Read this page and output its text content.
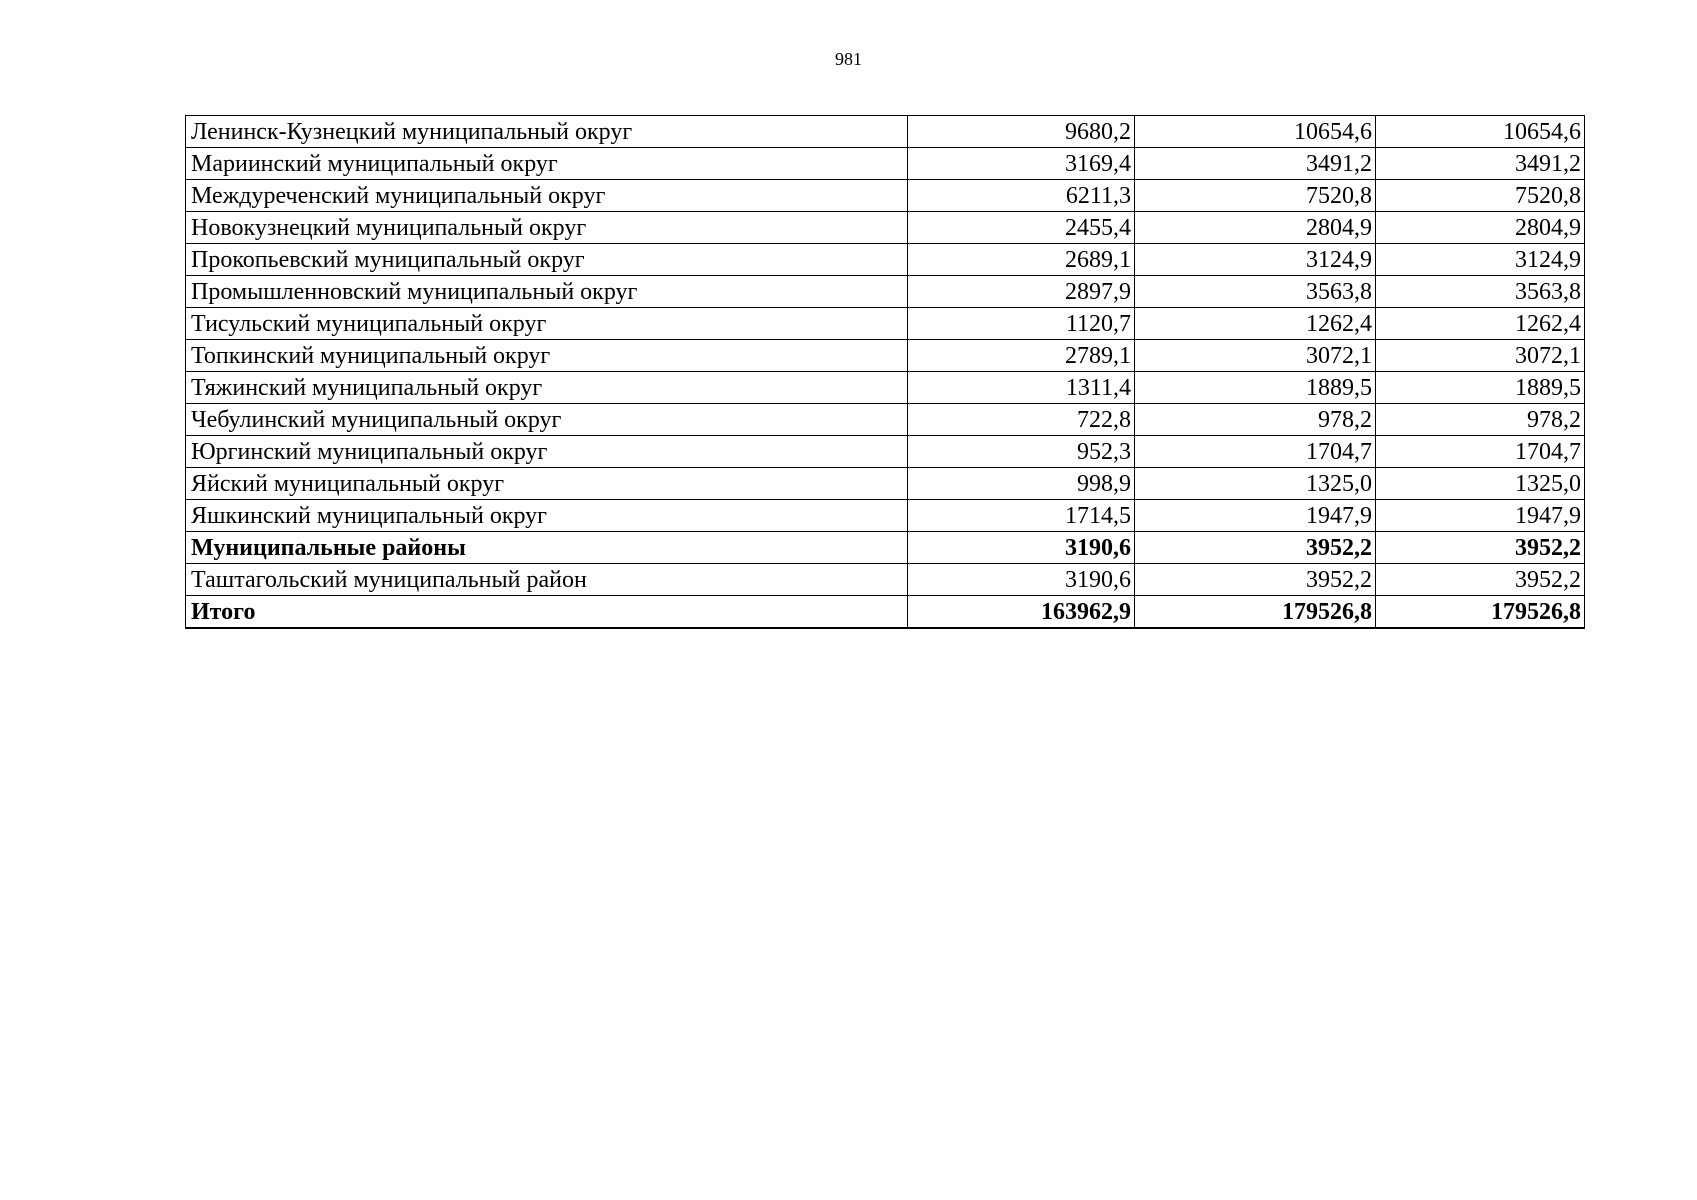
981
Ленинск-Кузнецкий муниципальный округ	9680,2	10654,6	10654,6
Мариинский муниципальный округ	3169,4	3491,2	3491,2
Междуреченский муниципальный округ	6211,3	7520,8	7520,8
Новокузнецкий муниципальный округ	2455,4	2804,9	2804,9
Прокопьевский муниципальный округ	2689,1	3124,9	3124,9
Промышленновский муниципальный округ	2897,9	3563,8	3563,8
Тисульский муниципальный округ	1120,7	1262,4	1262,4
Топкинский муниципальный округ	2789,1	3072,1	3072,1
Тяжинский муниципальный округ	1311,4	1889,5	1889,5
Чебулинский муниципальный округ	722,8	978,2	978,2
Юргинский муниципальный округ	952,3	1704,7	1704,7
Яйский муниципальный округ	998,9	1325,0	1325,0
Яшкинский муниципальный округ	1714,5	1947,9	1947,9
Муниципальные районы	3190,6	3952,2	3952,2
Таштагольский муниципальный район	3190,6	3952,2	3952,2
Итого	163962,9	179526,8	179526,8
